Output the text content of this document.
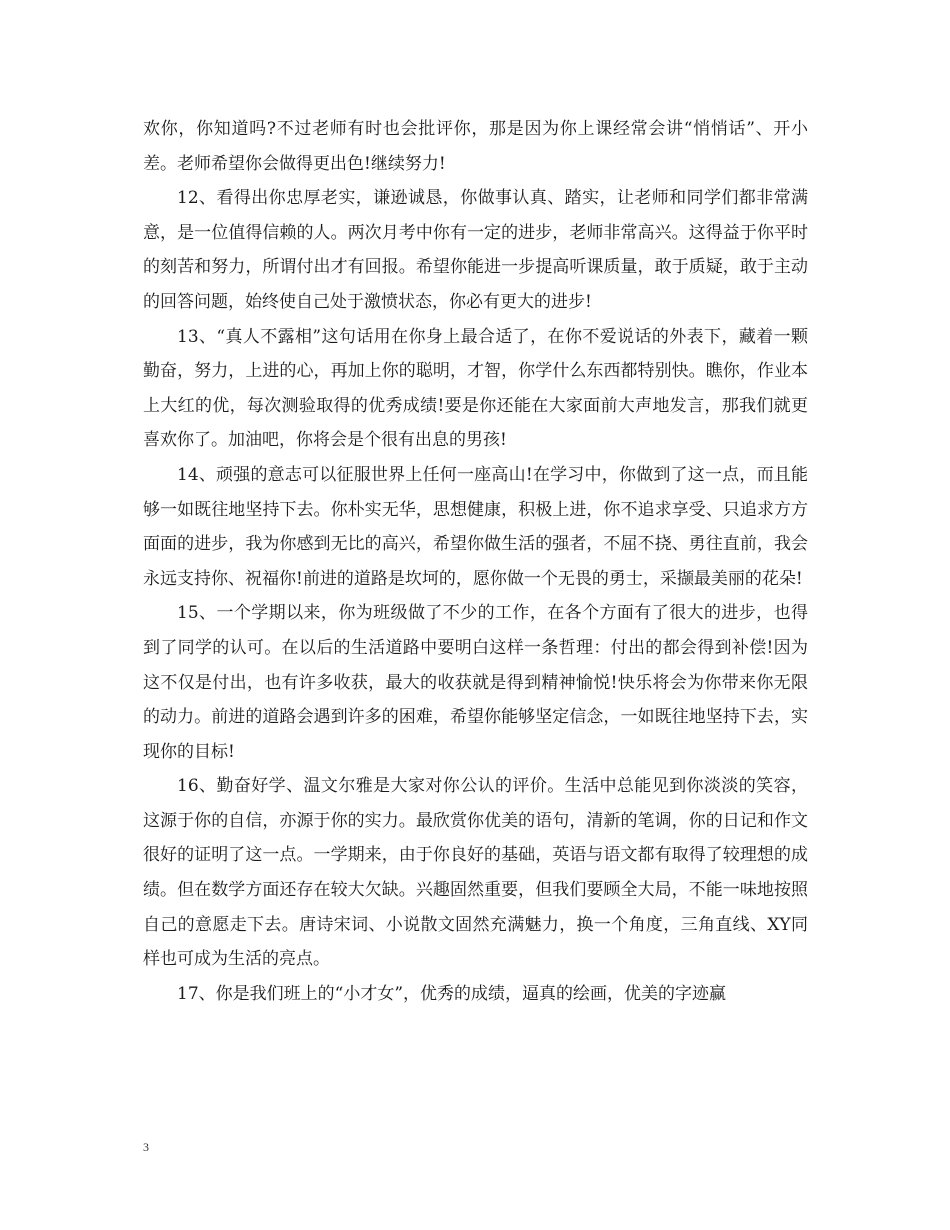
欢你，你知道吗?不过老师有时也会批评你，那是因为你上课经常会讲“悄悄话”、开小差。老师希望你会做得更出色!继续努力!

12、看得出你忠厚老实，谦逊诚恳，你做事认真、踏实，让老师和同学们都非常满意，是一位值得信赖的人。两次月考中你有一定的进步，老师非常高兴。这得益于你平时的刻苦和努力，所谓付出才有回报。希望你能进一步提高听课质量，敢于质疑，敢于主动的回答问题，始终使自己处于激愤状态，你必有更大的进步!

13、“真人不露相”这句话用在你身上最合适了，在你不爱说话的外表下，藏着一颗勤奋，努力，上进的心，再加上你的聪明，才智，你学什么东西都特别快。瞧你，作业本上大红的优，每次测验取得的优秀成绩!要是你还能在大家面前大声地发言，那我们就更喜欢你了。加油吧，你将会是个很有出息的男孩!

14、顽强的意志可以征服世界上任何一座高山!在学习中，你做到了这一点，而且能够一如既往地坚持下去。你朴实无华，思想健康，积极上进，你不追求享受、只追求方方面面的进步，我为你感到无比的高兴，希望你做生活的强者，不屈不挠、勇往直前，我会永远支持你、祝福你!前进的道路是坎坷的，愿你做一个无畏的勇士，采撷最美丽的花朵!

15、一个学期以来，你为班级做了不少的工作，在各个方面有了很大的进步，也得到了同学的认可。在以后的生活道路中要明白这样一条哲理：付出的都会得到补偿!因为这不仅是付出，也有许多收获，最大的收获就是得到精神愉悦!快乐将会为你带来你无限的动力。前进的道路会遇到许多的困难，希望你能够坚定信念，一如既往地坚持下去，实现你的目标!

16、勤奋好学、温文尔雅是大家对你公认的评价。生活中总能见到你淡淡的笑容，这源于你的自信，亦源于你的实力。最欣赏你优美的语句，清新的笔调，你的日记和作文很好的证明了这一点。一学期来，由于你良好的基础，英语与语文都有取得了较理想的成绩。但在数学方面还存在较大欠缺。兴趣固然重要，但我们要顾全大局，不能一味地按照自己的意愿走下去。唐诗宋词、小说散文固然充满魅力，换一个角度，三角直线、XY同样也可成为生活的亮点。

17、你是我们班上的“小才女”，优秀的成绩，逼真的绘画，优美的字迹赢

3
